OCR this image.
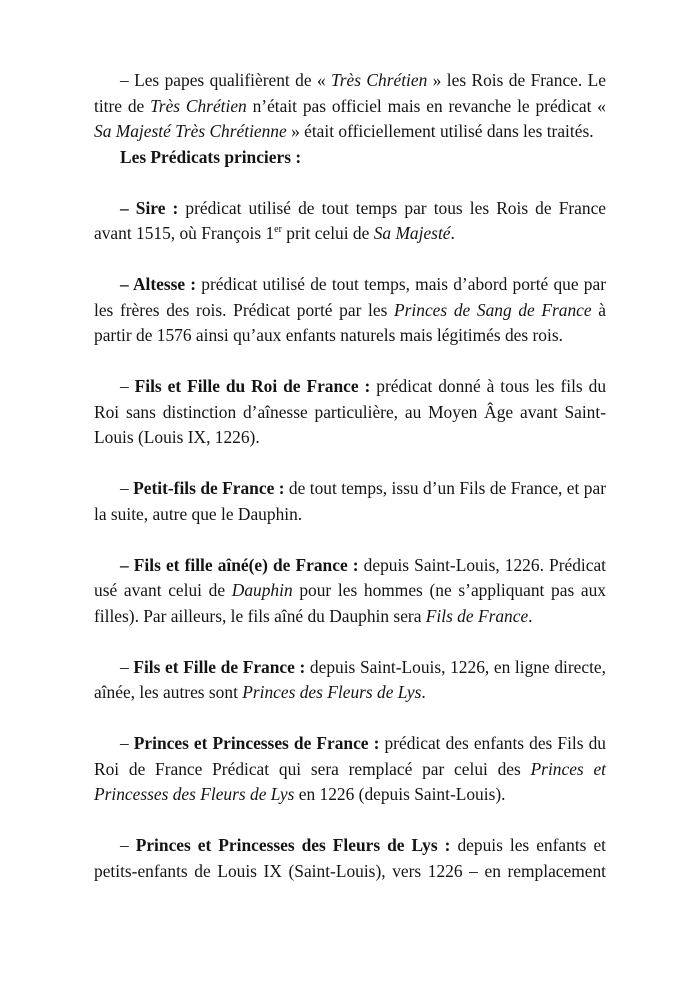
– Les papes qualifièrent de « Très Chrétien » les Rois de France. Le titre de Très Chrétien n’était pas officiel mais en revanche le prédicat « Sa Majesté Très Chrétienne » était officiellement utilisé dans les traités.

Les Prédicats princiers :

– Sire : prédicat utilisé de tout temps par tous les Rois de France avant 1515, où François 1er prit celui de Sa Majesté.

– Altesse : prédicat utilisé de tout temps, mais d’abord porté que par les frères des rois. Prédicat porté par les Princes de Sang de France à partir de 1576 ainsi qu’aux enfants naturels mais légitimés des rois.

– Fils et Fille du Roi de France : prédicat donné à tous les fils du Roi sans distinction d’aînesse particulière, au Moyen Âge avant Saint-Louis (Louis IX, 1226).

– Petit-fils de France : de tout temps, issu d’un Fils de France, et par la suite, autre que le Dauphin.

– Fils et fille aîné(e) de France : depuis Saint-Louis, 1226. Prédicat usé avant celui de Dauphin pour les hommes (ne s’appliquant pas aux filles). Par ailleurs, le fils aîné du Dauphin sera Fils de France.

– Fils et Fille de France : depuis Saint-Louis, 1226, en ligne directe, aînée, les autres sont Princes des Fleurs de Lys.

– Princes et Princesses de France : prédicat des enfants des Fils du Roi de France Prédicat qui sera remplacé par celui des Princes et Princesses des Fleurs de Lys en 1226 (depuis Saint-Louis).

– Princes et Princesses des Fleurs de Lys : depuis les enfants et petits-enfants de Louis IX (Saint-Louis), vers 1226 – en remplacement
